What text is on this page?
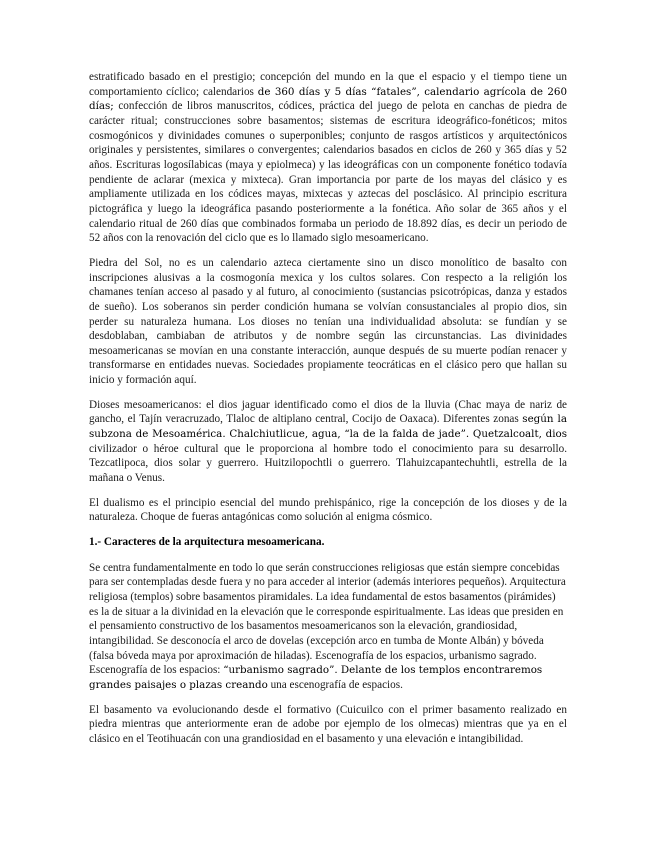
estratificado basado en el prestigio; concepción del mundo en la que el espacio y el tiempo tiene un comportamiento cíclico; calendarios de 360 días y 5 días “fatales”, calendario agrícola de 260 días; confección de libros manuscritos, códices, práctica del juego de pelota en canchas de piedra de carácter ritual; construcciones sobre basamentos; sistemas de escritura ideográfico-fonéticos; mitos cosmogónicos y divinidades comunes o superponibles; conjunto de rasgos artísticos y arquitectónicos originales y persistentes, similares o convergentes; calendarios basados en ciclos de 260 y 365 días y 52 años. Escrituras logosílabicas (maya y epiolmeca) y las ideográficas con un componente fonético todavía pendiente de aclarar (mexica y mixteca). Gran importancia por parte de los mayas del clásico y es ampliamente utilizada en los códices mayas, mixtecas y aztecas del posclásico. Al principio escritura pictográfica y luego la ideográfica pasando posteriormente a la fonética. Año solar de 365 años y el calendario ritual de 260 días que combinados formaba un periodo de 18.892 días, es decir un periodo de 52 años con la renovación del ciclo que es lo llamado siglo mesoamericano.

Piedra del Sol, no es un calendario azteca ciertamente sino un disco monolítico de basalto con inscripciones alusivas a la cosmogonía mexica y los cultos solares. Con respecto a la religión los chamanes tenían acceso al pasado y al futuro, al conocimiento (sustancias psicotrópicas, danza y estados de sueño). Los soberanos sin perder condición humana se volvían consustanciales al propio dios, sin perder su naturaleza humana. Los dioses no tenían una individualidad absoluta: se fundían y se desdoblaban, cambiaban de atributos y de nombre según las circunstancias. Las divinidades mesoamericanas se movían en una constante interacción, aunque después de su muerte podían renacer y transformarse en entidades nuevas. Sociedades propiamente teocráticas en el clásico pero que hallan su inicio y formación aquí.

Dioses mesoamericanos: el dios jaguar identificado como el dios de la lluvia (Chac maya de nariz de gancho, el Tajín veracruzado, Tlaloc de altiplano central, Cocijo de Oaxaca). Diferentes zonas según la subzona de Mesoamérica. Chalchiutlicue, agua, “la de la falda de jade”. Quetzalcoalt, dios civilizador o héroe cultural que le proporciona al hombre todo el conocimiento para su desarrollo. Tezcatlipoca, dios solar y guerrero. Huitzilopochtli o guerrero. Tlahuizcapantechuhtli, estrella de la mañana o Venus.

El dualismo es el principio esencial del mundo prehispánico, rige la concepción de los dioses y de la naturaleza. Choque de fueras antagónicas como solución al enigma cósmico.

1.- Caracteres de la arquitectura mesoamericana.

Se centra fundamentalmente en todo lo que serán construcciones religiosas que están siempre concebidas para ser contempladas desde fuera y no para acceder al interior (además interiores pequeños). Arquitectura religiosa (templos) sobre basamentos piramidales. La idea fundamental de estos basamentos (pirámides) es la de situar a la divinidad en la elevación que le corresponde espiritualmente. Las ideas que presiden en el pensamiento constructivo de los basamentos mesoamericanos son la elevación, grandiosidad, intangibilidad. Se desconocía el arco de dovelas (excepción arco en tumba de Monte Albán) y bóveda (falsa bóveda maya por aproximación de hiladas). Escenografía de los espacios, urbanismo sagrado. Escenografía de los espacios: “urbanismo sagrado”. Delante de los templos encontraremos grandes paisajes o plazas creando una escenografía de espacios.

El basamento va evolucionando desde el formativo (Cuicuilco con el primer basamento realizado en piedra mientras que anteriormente eran de adobe por ejemplo de los olmecas) mientras que ya en el clásico en el Teotihuacán con una grandiosidad en el basamento y una elevación e intangibilidad.
